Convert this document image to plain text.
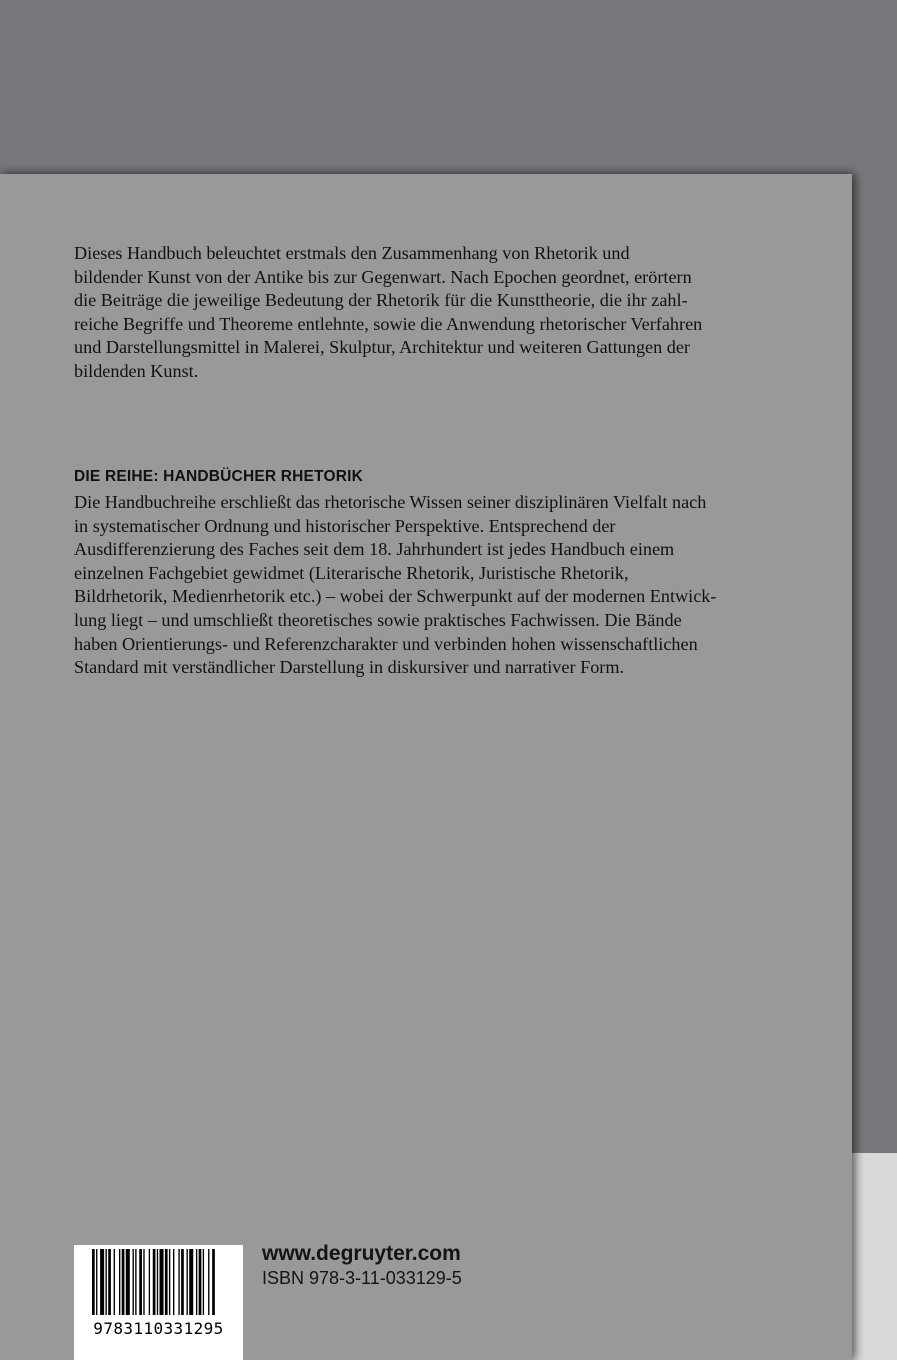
Dieses Handbuch beleuchtet erstmals den Zusammenhang von Rhetorik und
bildender Kunst von der Antike bis zur Gegenwart. Nach Epochen geordnet, erörtern
die Beiträge die jeweilige Bedeutung der Rhetorik für die Kunsttheorie, die ihr zahl-
reiche Begriffe und Theoreme entlehnte, sowie die Anwendung rhetorischer Verfahren
und Darstellungsmittel in Malerei, Skulptur, Architektur und weiteren Gattungen der
bildenden Kunst.
DIE REIHE: HANDBÜCHER RHETORIK
Die Handbuchreihe erschließt das rhetorische Wissen seiner disziplinären Vielfalt nach
in systematischer Ordnung und historischer Perspektive. Entsprechend der
Ausdifferenzierung des Faches seit dem 18. Jahrhundert ist jedes Handbuch einem
einzelnen Fachgebiet gewidmet (Literarische Rhetorik, Juristische Rhetorik,
Bildrhetorik, Medienrhetorik etc.) – wobei der Schwerpunkt auf der modernen Entwick-
lung liegt – und umschließt theoretisches sowie praktisches Fachwissen. Die Bände
haben Orientierungs- und Referenzcharakter und verbinden hohen wissenschaftlichen
Standard mit verständlicher Darstellung in diskursiver und narrativer Form.
9783110331295
www.degruyter.com
ISBN 978-3-11-033129-5
